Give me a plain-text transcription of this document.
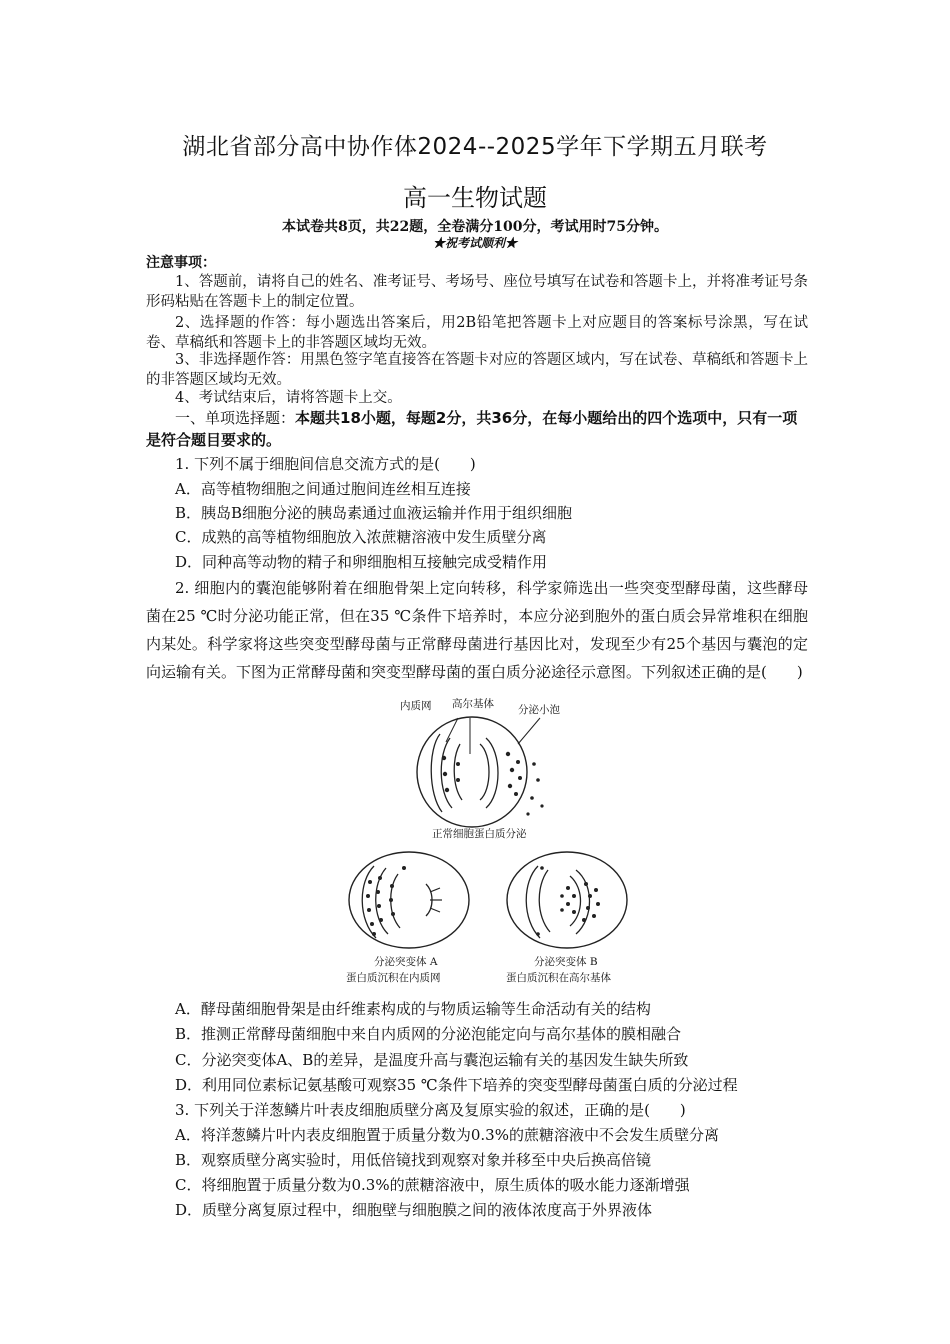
湖北省部分高中协作体2024--2025学年下学期五月联考
高一生物试题
本试卷共8页，共22题，全卷满分100分，考试用时75分钟。
★祝考试顺利★
注意事项：

1、答题前，请将自己的姓名、准考证号、考场号、座位号填写在试卷和答题卡上，并将准考证号条形码粘贴在答题卡上的制定位置。

2、选择题的作答：每小题选出答案后，用2B铅笔把答题卡上对应题目的答案标号涂黑，写在试卷、草稿纸和答题卡上的非答题区域均无效。

3、非选择题作答：用黑色签字笔直接答在答题卡对应的答题区域内，写在试卷、草稿纸和答题卡上的非答题区域均无效。

4、考试结束后，请将答题卡上交。

一、单项选择题：本题共18小题，每题2分，共36分，在每小题给出的四个选项中，只有一项是符合题目要求的。

1. 下列不属于细胞间信息交流方式的是(　　)

A．高等植物细胞之间通过胞间连丝相互连接

B．胰岛B细胞分泌的胰岛素通过血液运输并作用于组织细胞

C．成熟的高等植物细胞放入浓蔗糖溶液中发生质壁分离

D．同种高等动物的精子和卵细胞相互接触完成受精作用

2. 细胞内的囊泡能够附着在细胞骨架上定向转移，科学家筛选出一些突变型酵母菌，这些酵母菌在25 ℃时分泌功能正常，但在35 ℃条件下培养时，本应分泌到胞外的蛋白质会异常堆积在细胞内某处。科学家将这些突变型酵母菌与正常酵母菌进行基因比对，发现至少有25个基因与囊泡的定向运输有关。下图为正常酵母菌和突变型酵母菌的蛋白质分泌途径示意图。下列叙述正确的是(　　)

内质网 高尔基体 分泌小泡
正常细胞蛋白质分泌
分泌突变体 A
蛋白质沉积在内质网
分泌突变体 B
蛋白质沉积在高尔基体

A．酵母菌细胞骨架是由纤维素构成的与物质运输等生命活动有关的结构

B．推测正常酵母菌细胞中来自内质网的分泌泡能定向与高尔基体的膜相融合

C．分泌突变体A、B的差异，是温度升高与囊泡运输有关的基因发生缺失所致

D．利用同位素标记氨基酸可观察35 ℃条件下培养的突变型酵母菌蛋白质的分泌过程

3. 下列关于洋葱鳞片叶表皮细胞质壁分离及复原实验的叙述，正确的是(　　)

A．将洋葱鳞片叶内表皮细胞置于质量分数为0.3%的蔗糖溶液中不会发生质壁分离

B．观察质壁分离实验时，用低倍镜找到观察对象并移至中央后换高倍镜

C．将细胞置于质量分数为0.3%的蔗糖溶液中，原生质体的吸水能力逐渐增强

D．质壁分离复原过程中，细胞壁与细胞膜之间的液体浓度高于外界液体
